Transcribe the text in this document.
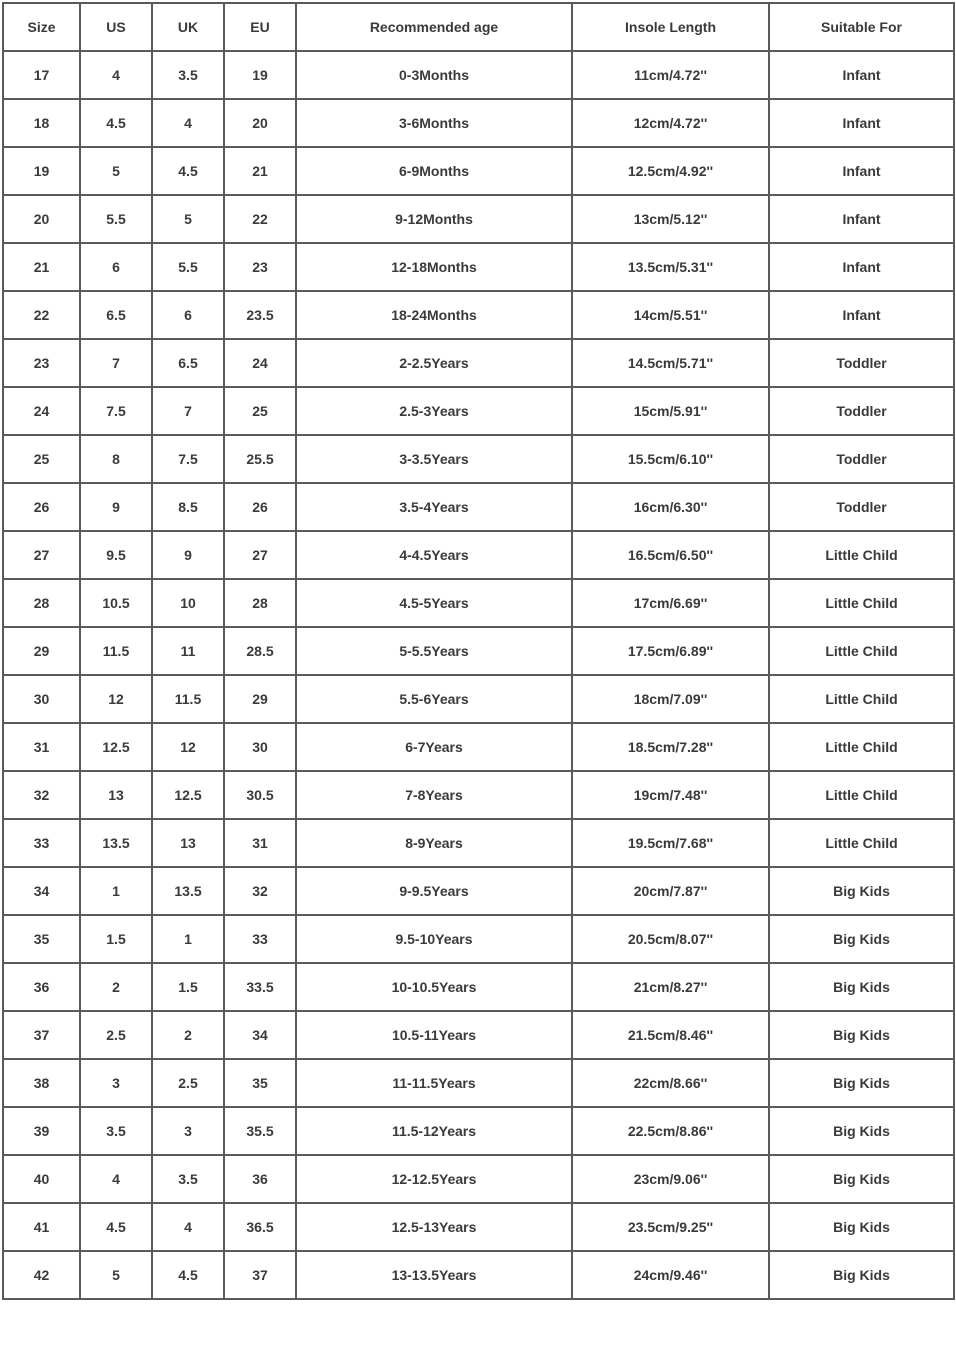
Size	US	UK	EU	Recommended age	Insole Length	Suitable For
17	4	3.5	19	0-3Months	11cm/4.72''	Infant
18	4.5	4	20	3-6Months	12cm/4.72''	Infant
19	5	4.5	21	6-9Months	12.5cm/4.92''	Infant
20	5.5	5	22	9-12Months	13cm/5.12''	Infant
21	6	5.5	23	12-18Months	13.5cm/5.31''	Infant
22	6.5	6	23.5	18-24Months	14cm/5.51''	Infant
23	7	6.5	24	2-2.5Years	14.5cm/5.71''	Toddler
24	7.5	7	25	2.5-3Years	15cm/5.91''	Toddler
25	8	7.5	25.5	3-3.5Years	15.5cm/6.10''	Toddler
26	9	8.5	26	3.5-4Years	16cm/6.30''	Toddler
27	9.5	9	27	4-4.5Years	16.5cm/6.50''	Little Child
28	10.5	10	28	4.5-5Years	17cm/6.69''	Little Child
29	11.5	11	28.5	5-5.5Years	17.5cm/6.89''	Little Child
30	12	11.5	29	5.5-6Years	18cm/7.09''	Little Child
31	12.5	12	30	6-7Years	18.5cm/7.28''	Little Child
32	13	12.5	30.5	7-8Years	19cm/7.48''	Little Child
33	13.5	13	31	8-9Years	19.5cm/7.68''	Little Child
34	1	13.5	32	9-9.5Years	20cm/7.87''	Big Kids
35	1.5	1	33	9.5-10Years	20.5cm/8.07''	Big Kids
36	2	1.5	33.5	10-10.5Years	21cm/8.27''	Big Kids
37	2.5	2	34	10.5-11Years	21.5cm/8.46''	Big Kids
38	3	2.5	35	11-11.5Years	22cm/8.66''	Big Kids
39	3.5	3	35.5	11.5-12Years	22.5cm/8.86''	Big Kids
40	4	3.5	36	12-12.5Years	23cm/9.06''	Big Kids
41	4.5	4	36.5	12.5-13Years	23.5cm/9.25''	Big Kids
42	5	4.5	37	13-13.5Years	24cm/9.46''	Big Kids
